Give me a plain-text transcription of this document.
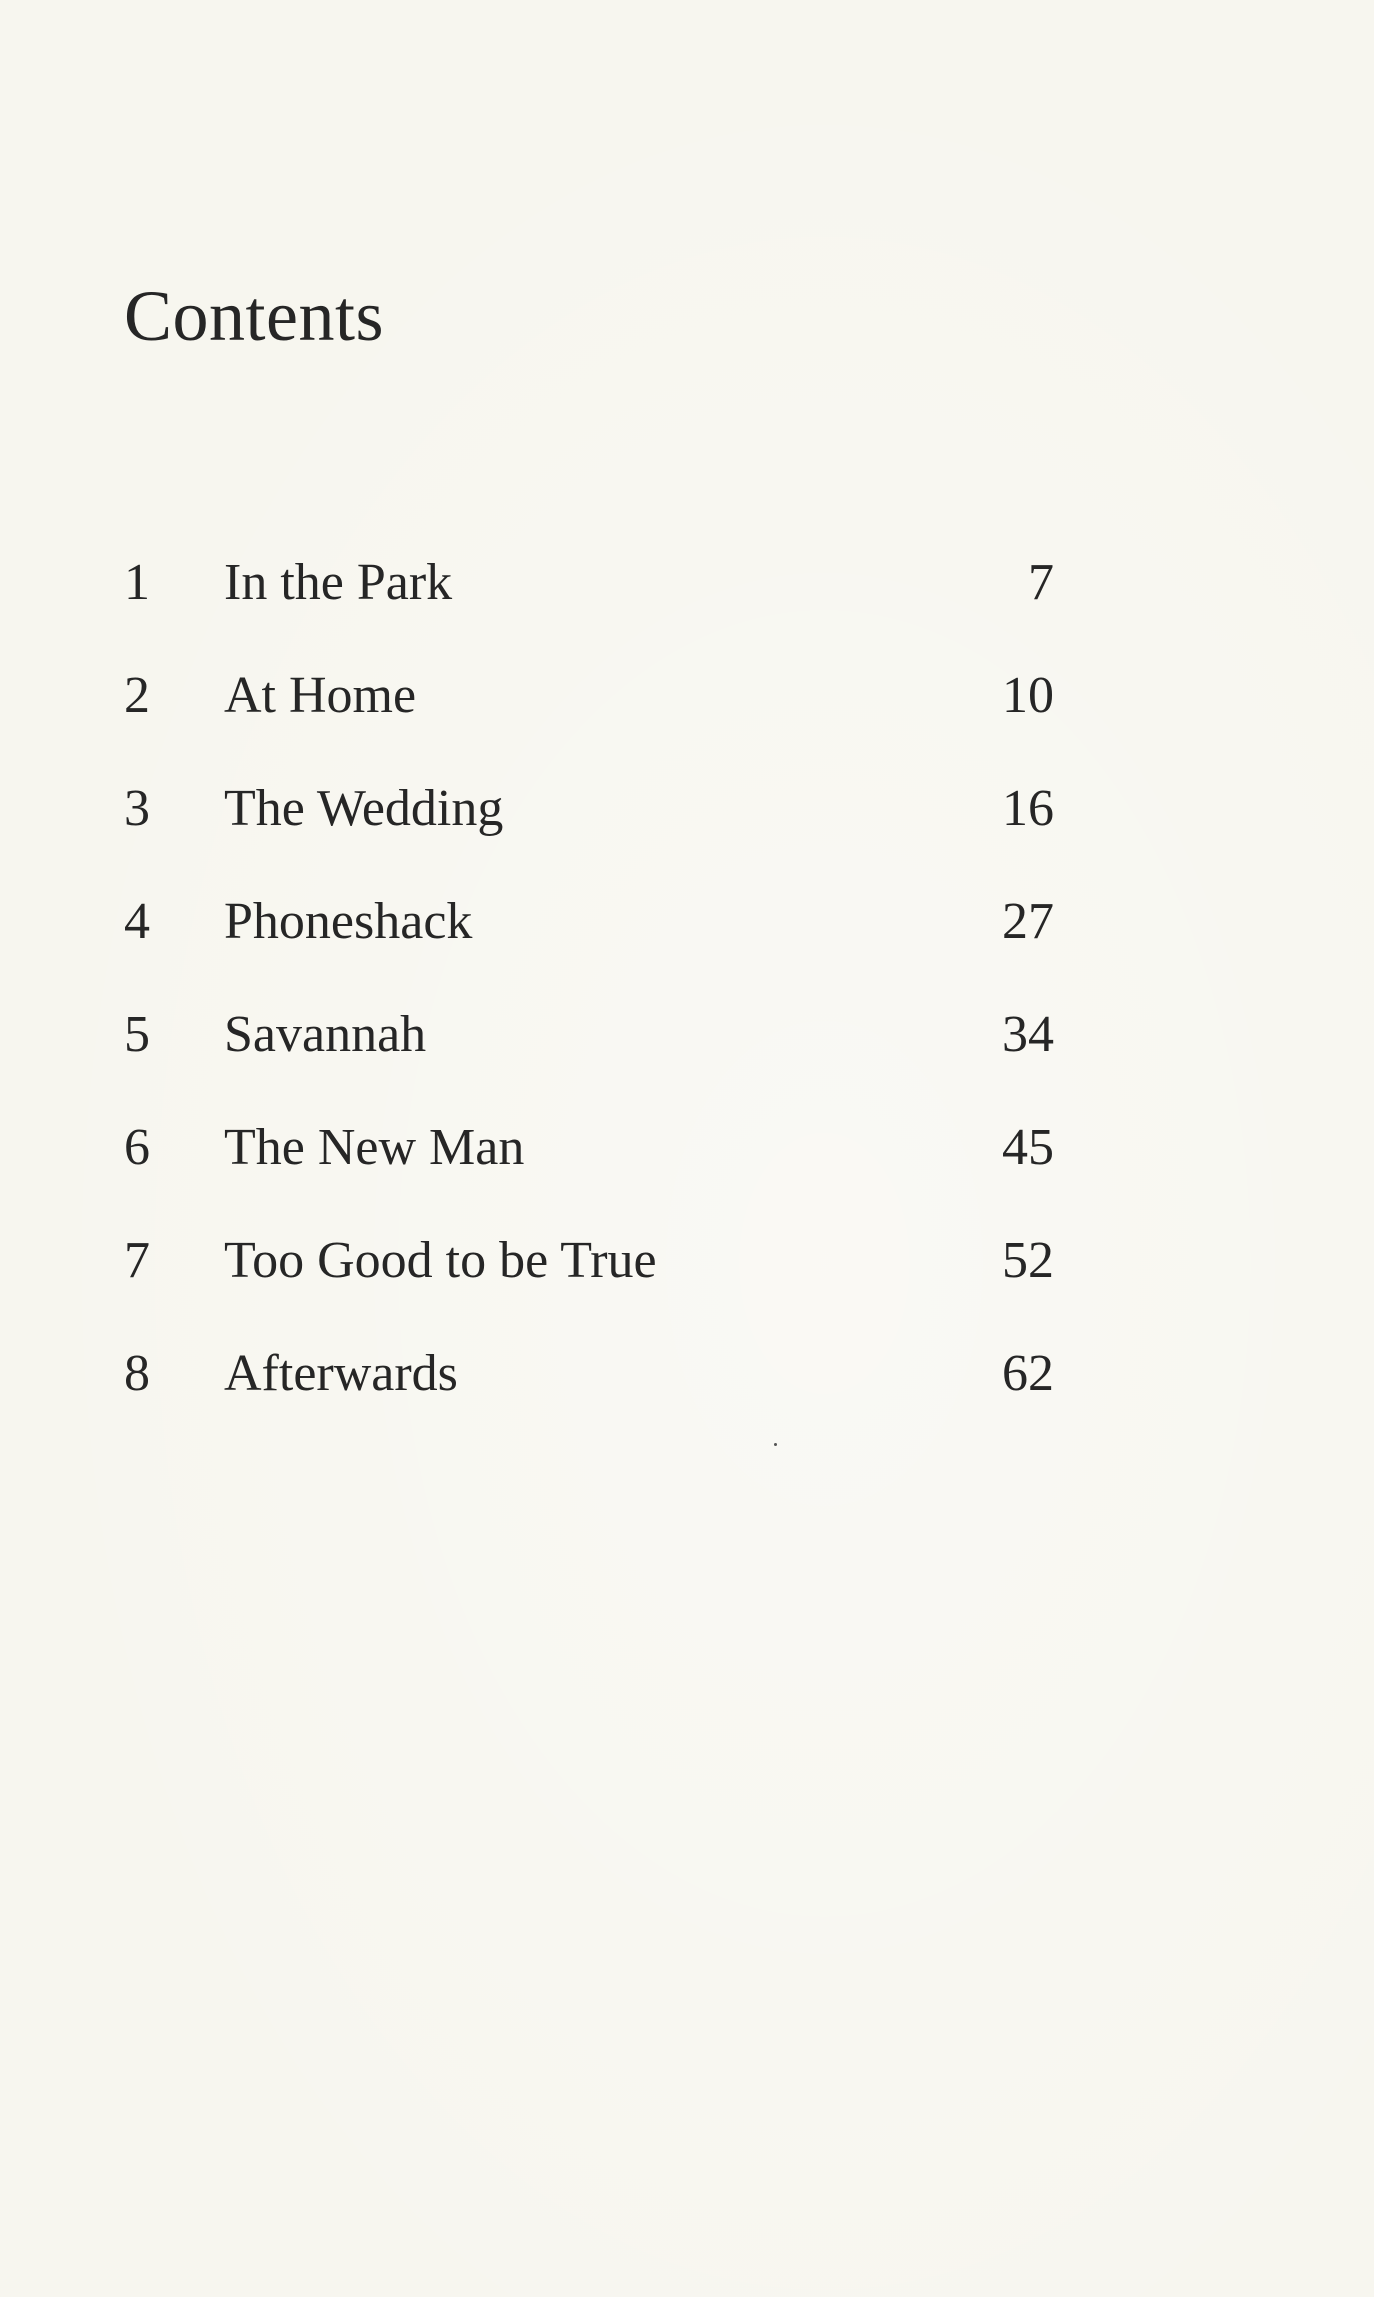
Contents
1 In the Park	7
2 At Home	10
3 The Wedding	16
4 Phoneshack	27
5 Savannah	34
6 The New Man	45
7 Too Good to be True	52
8 Afterwards	62
